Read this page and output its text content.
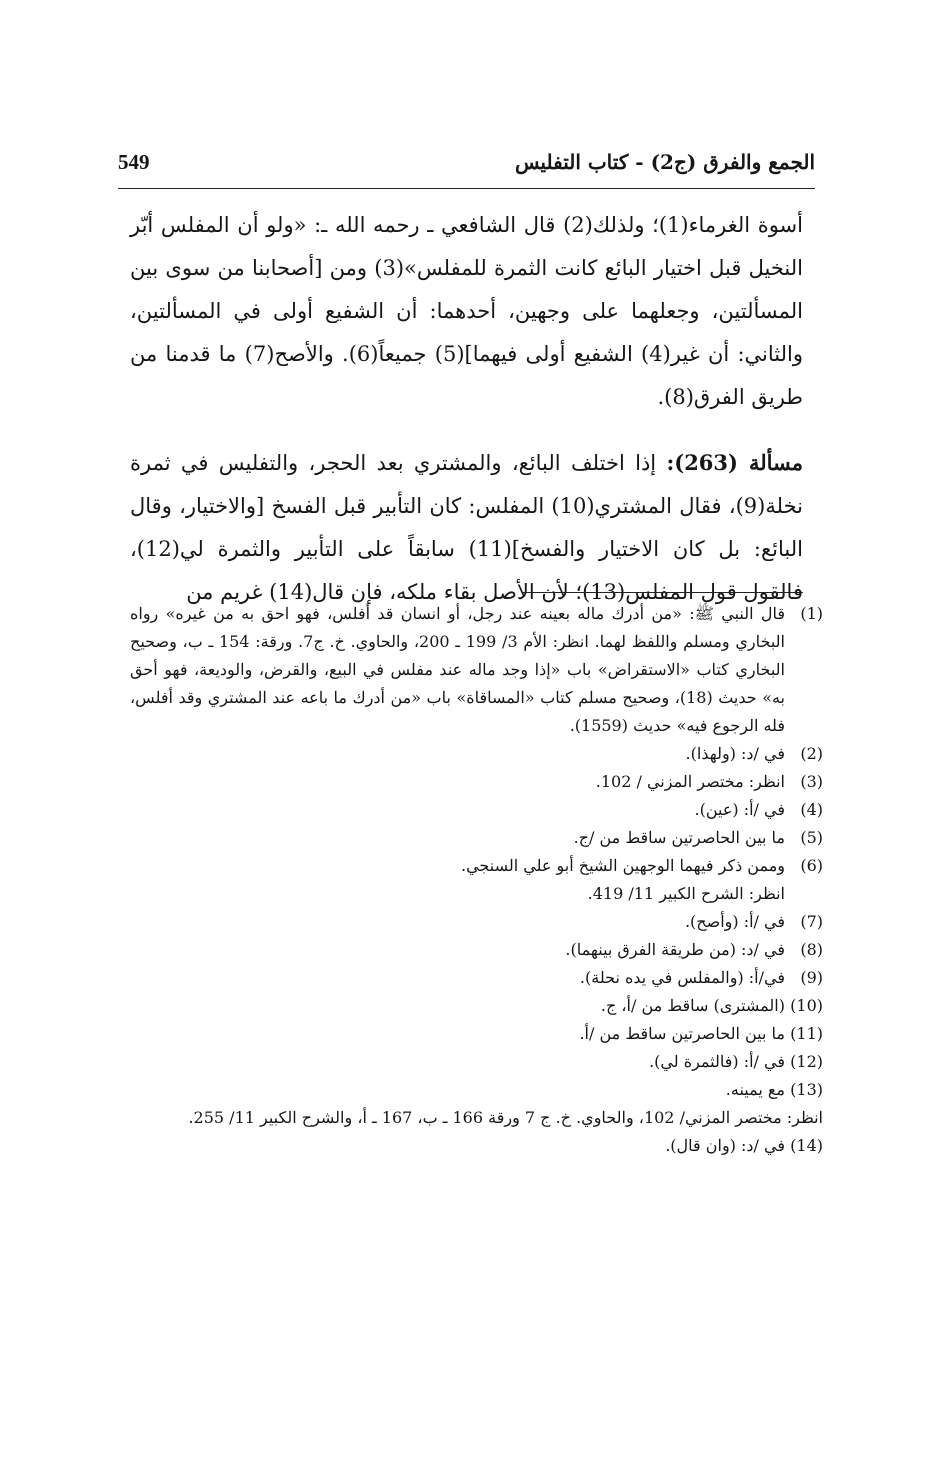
549	الجمع والفرق (ج2) - كتاب التفليس

أسوة الغرماء(1)؛ ولذلك(2) قال الشافعي ـ رحمه الله ـ: «ولو أن المفلس أبّر النخيل قبل اختيار البائع كانت الثمرة للمفلس»(3) ومن [أصحابنا من سوى بين المسألتين، وجعلهما على وجهين، أحدهما: أن الشفيع أولى في المسألتين، والثاني: أن غير(4) الشفيع أولى فيهما](5) جميعاً(6). والأصح(7) ما قدمنا من طريق الفرق(8).

مسألة (263): إذا اختلف البائع، والمشتري بعد الحجر، والتفليس في ثمرة نخلة(9)، فقال المشتري(10) المفلس: كان التأبير قبل الفسخ [والاختيار، وقال البائع: بل كان الاختيار والفسخ](11) سابقاً على التأبير والثمرة لي(12)، فالقول قول المفلس(13)؛ لأن الأصل بقاء ملكه، فإن قال(14) غريم من

(1)
قال النبي ﷺ: «من أدرك ماله بعينه عند رجل، أو انسان قد أفلس، فهو احق به من غيره» رواه البخاري ومسلم واللفظ لهما. انظر: الأم 3/ 199 ـ 200، والحاوي. خ. ج7. ورقة: 154 ـ ب، وصحيح البخاري كتاب «الاستقراض» باب «إذا وجد ماله عند مفلس في البيع، والقرض، والوديعة، فهو أحق به» حديث (18)، وصحيح مسلم كتاب «المساقاة» باب «من أدرك ما باعه عند المشتري وقد أفلس، فله الرجوع فيه» حديث (1559).
(2)
في /د: (ولهذا).
(3)
انظر: مختصر المزني / 102.
(4)
في /أ: (عين).
(5)
ما بين الحاصرتين ساقط من /ج.
(6)
وممن ذكر فيهما الوجهين الشيخ أبو علي السنجي.
انظر: الشرح الكبير 11/ 419.
(7)
في /أ: (وأصح).
(8)
في /د: (من طريقة الفرق بينهما).
(9)
في/أ: (والمفلس في يده نحلة).
(10)
(المشترى) ساقط من /أ، ج.
(11)
ما بين الحاصرتين ساقط من /أ.
(12)
في /أ: (فالثمرة لي).
(13)
مع يمينه.
انظر: مختصر المزني/ 102، والحاوي. خ. ج 7 ورقة 166 ـ ب، 167 ـ أ، والشرح الكبير 11/ 255.
(14)
في /د: (وان قال).
